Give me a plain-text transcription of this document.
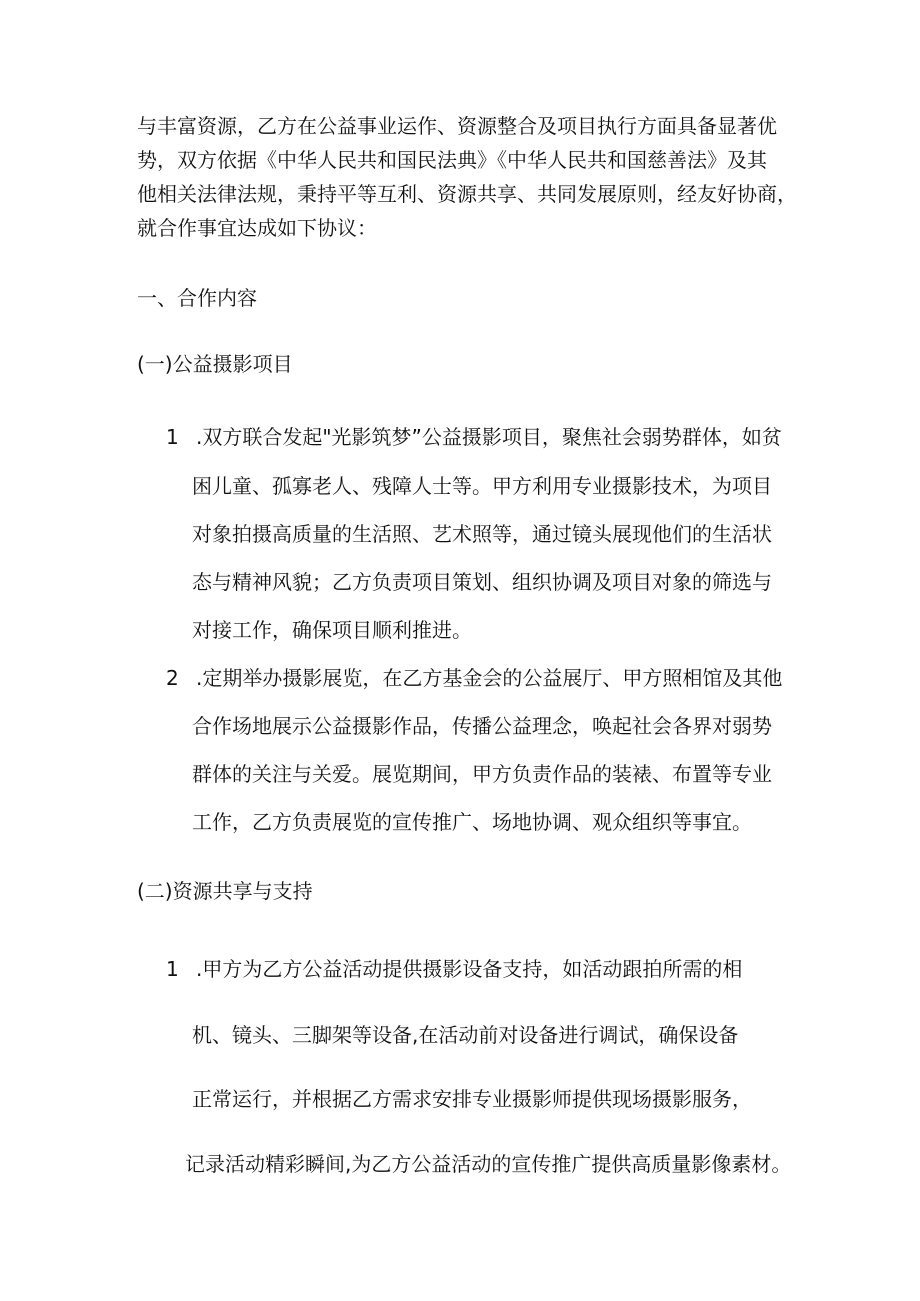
与丰富资源，乙方在公益事业运作、资源整合及项目执行方面具备显著优
势，双方依据《中华人民共和国民法典》《中华人民共和国慈善法》及其
他相关法律法规，秉持平等互利、资源共享、共同发展原则，经友好协商，
就合作事宜达成如下协议：
一、合作内容
(一)公益摄影项目
1 .双方联合发起"光影筑梦”公益摄影项目，聚焦社会弱势群体，如贫
困儿童、孤寡老人、残障人士等。甲方利用专业摄影技术，为项目
对象拍摄高质量的生活照、艺术照等，通过镜头展现他们的生活状
态与精神风貌；乙方负责项目策划、组织协调及项目对象的筛选与
对接工作，确保项目顺利推进。
2 .定期举办摄影展览，在乙方基金会的公益展厅、甲方照相馆及其他
合作场地展示公益摄影作品，传播公益理念，唤起社会各界对弱势
群体的关注与关爱。展览期间，甲方负责作品的装裱、布置等专业
工作，乙方负责展览的宣传推广、场地协调、观众组织等事宜。
(二)资源共享与支持
1 .甲方为乙方公益活动提供摄影设备支持，如活动跟拍所需的相
机、镜头、三脚架等设备,在活动前对设备进行调试，确保设备
正常运行，并根据乙方需求安排专业摄影师提供现场摄影服务，
记录活动精彩瞬间,为乙方公益活动的宣传推广提供高质量影像素材。
